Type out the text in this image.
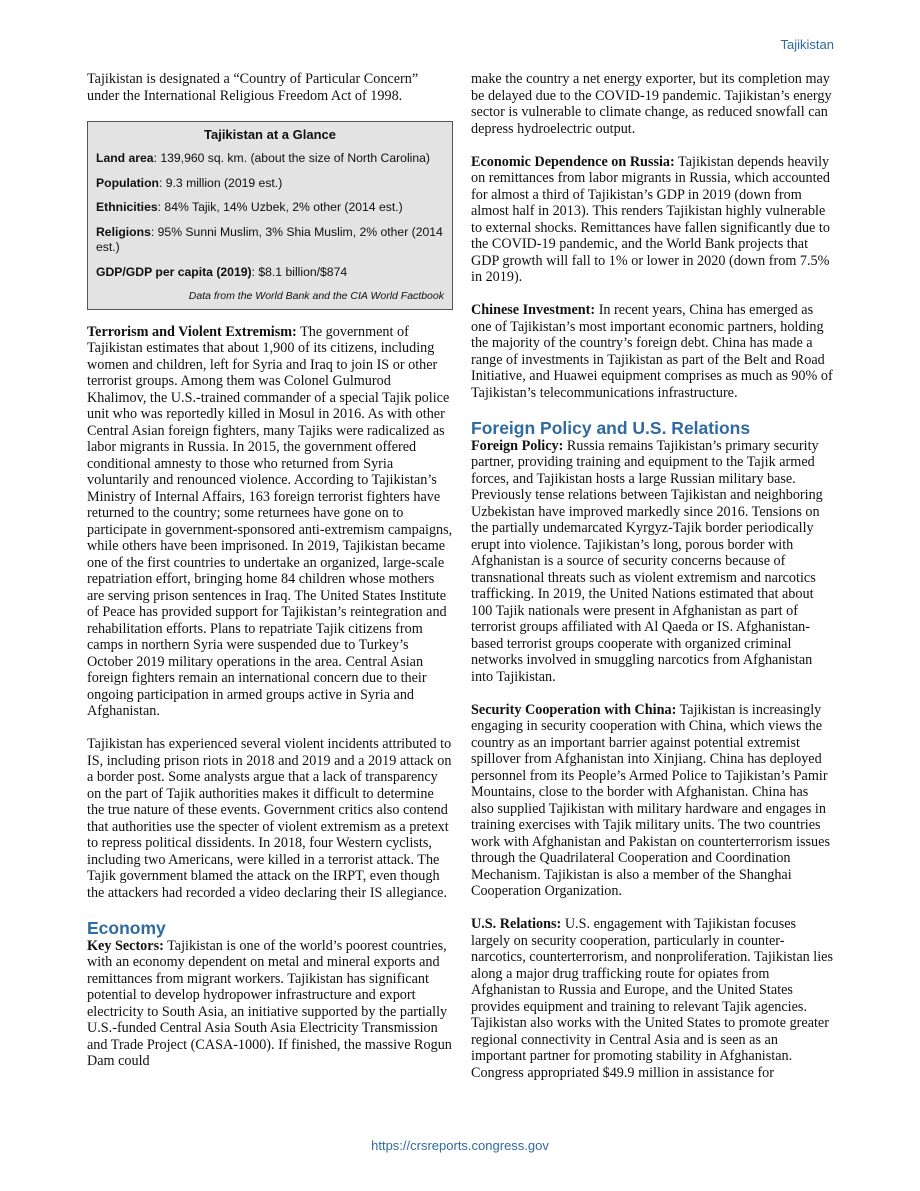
Tajikistan

Tajikistan is designated a “Country of Particular Concern” under the International Religious Freedom Act of 1998.

Tajikistan at a Glance
Land area: 139,960 sq. km. (about the size of North Carolina)
Population: 9.3 million (2019 est.)
Ethnicities: 84% Tajik, 14% Uzbek, 2% other (2014 est.)
Religions: 95% Sunni Muslim, 3% Shia Muslim, 2% other (2014 est.)
GDP/GDP per capita (2019): $8.1 billion/$874
Data from the World Bank and the CIA World Factbook

Terrorism and Violent Extremism: The government of Tajikistan estimates that about 1,900 of its citizens, including women and children, left for Syria and Iraq to join IS or other terrorist groups. Among them was Colonel Gulmurod Khalimov, the U.S.-trained commander of a special Tajik police unit who was reportedly killed in Mosul in 2016. As with other Central Asian foreign fighters, many Tajiks were radicalized as labor migrants in Russia. In 2015, the government offered conditional amnesty to those who returned from Syria voluntarily and renounced violence. According to Tajikistan’s Ministry of Internal Affairs, 163 foreign terrorist fighters have returned to the country; some returnees have gone on to participate in government-sponsored anti-extremism campaigns, while others have been imprisoned. In 2019, Tajikistan became one of the first countries to undertake an organized, large-scale repatriation effort, bringing home 84 children whose mothers are serving prison sentences in Iraq. The United States Institute of Peace has provided support for Tajikistan’s reintegration and rehabilitation efforts. Plans to repatriate Tajik citizens from camps in northern Syria were suspended due to Turkey’s October 2019 military operations in the area. Central Asian foreign fighters remain an international concern due to their ongoing participation in armed groups active in Syria and Afghanistan.

Tajikistan has experienced several violent incidents attributed to IS, including prison riots in 2018 and 2019 and a 2019 attack on a border post. Some analysts argue that a lack of transparency on the part of Tajik authorities makes it difficult to determine the true nature of these events. Government critics also contend that authorities use the specter of violent extremism as a pretext to repress political dissidents. In 2018, four Western cyclists, including two Americans, were killed in a terrorist attack. The Tajik government blamed the attack on the IRPT, even though the attackers had recorded a video declaring their IS allegiance.

Economy

Key Sectors: Tajikistan is one of the world’s poorest countries, with an economy dependent on metal and mineral exports and remittances from migrant workers. Tajikistan has significant potential to develop hydropower infrastructure and export electricity to South Asia, an initiative supported by the partially U.S.-funded Central Asia South Asia Electricity Transmission and Trade Project (CASA-1000). If finished, the massive Rogun Dam could

make the country a net energy exporter, but its completion may be delayed due to the COVID-19 pandemic. Tajikistan’s energy sector is vulnerable to climate change, as reduced snowfall can depress hydroelectric output.

Economic Dependence on Russia: Tajikistan depends heavily on remittances from labor migrants in Russia, which accounted for almost a third of Tajikistan’s GDP in 2019 (down from almost half in 2013). This renders Tajikistan highly vulnerable to external shocks. Remittances have fallen significantly due to the COVID-19 pandemic, and the World Bank projects that GDP growth will fall to 1% or lower in 2020 (down from 7.5% in 2019).

Chinese Investment: In recent years, China has emerged as one of Tajikistan’s most important economic partners, holding the majority of the country’s foreign debt. China has made a range of investments in Tajikistan as part of the Belt and Road Initiative, and Huawei equipment comprises as much as 90% of Tajikistan’s telecommunications infrastructure.

Foreign Policy and U.S. Relations

Foreign Policy: Russia remains Tajikistan’s primary security partner, providing training and equipment to the Tajik armed forces, and Tajikistan hosts a large Russian military base. Previously tense relations between Tajikistan and neighboring Uzbekistan have improved markedly since 2016. Tensions on the partially undemarcated Kyrgyz-Tajik border periodically erupt into violence. Tajikistan’s long, porous border with Afghanistan is a source of security concerns because of transnational threats such as violent extremism and narcotics trafficking. In 2019, the United Nations estimated that about 100 Tajik nationals were present in Afghanistan as part of terrorist groups affiliated with Al Qaeda or IS. Afghanistan-based terrorist groups cooperate with organized criminal networks involved in smuggling narcotics from Afghanistan into Tajikistan.

Security Cooperation with China: Tajikistan is increasingly engaging in security cooperation with China, which views the country as an important barrier against potential extremist spillover from Afghanistan into Xinjiang. China has deployed personnel from its People’s Armed Police to Tajikistan’s Pamir Mountains, close to the border with Afghanistan. China has also supplied Tajikistan with military hardware and engages in training exercises with Tajik military units. The two countries work with Afghanistan and Pakistan on counterterrorism issues through the Quadrilateral Cooperation and Coordination Mechanism. Tajikistan is also a member of the Shanghai Cooperation Organization.

U.S. Relations: U.S. engagement with Tajikistan focuses largely on security cooperation, particularly in counter-narcotics, counterterrorism, and nonproliferation. Tajikistan lies along a major drug trafficking route for opiates from Afghanistan to Russia and Europe, and the United States provides equipment and training to relevant Tajik agencies. Tajikistan also works with the United States to promote greater regional connectivity in Central Asia and is seen as an important partner for promoting stability in Afghanistan. Congress appropriated $49.9 million in assistance for

https://crsreports.congress.gov
